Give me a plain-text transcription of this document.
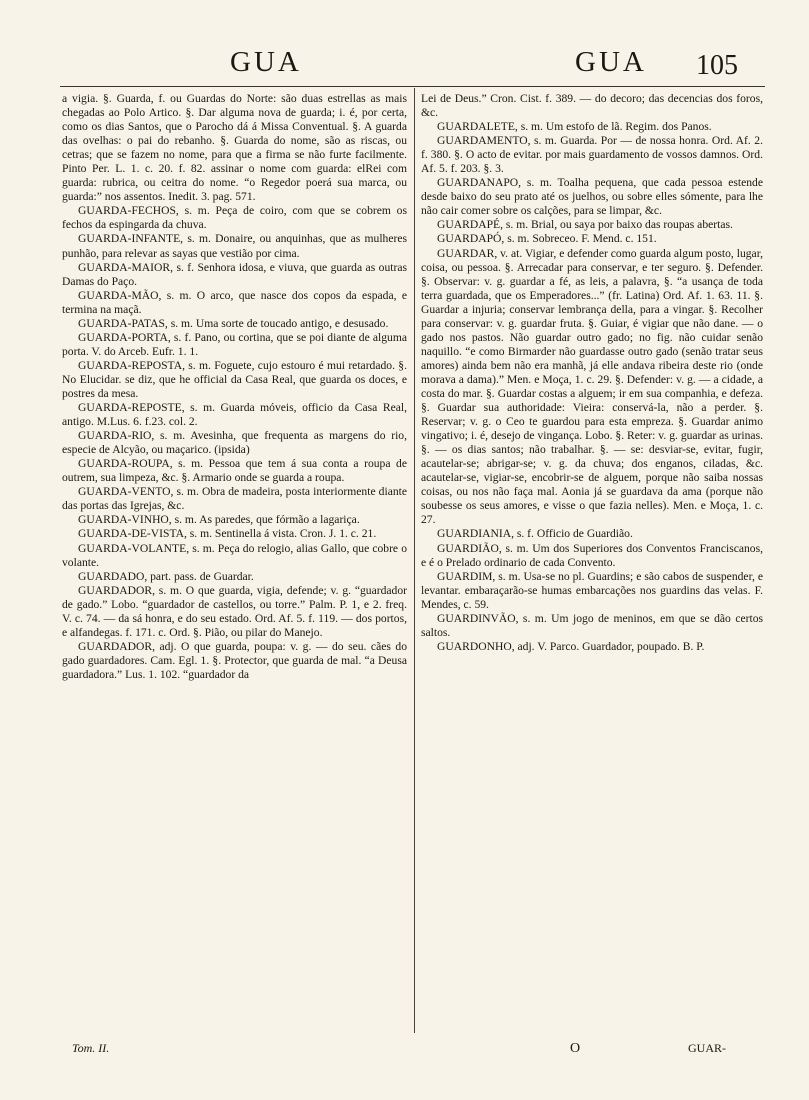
GUA	GUA 105

a vigia. §. Guarda, f. ou Guardas do Norte: são duas estrellas as mais chegadas ao Polo Artico. §. Dar alguma nova de guarda; i. é, por certa, como os dias Santos, que o Parocho dá á Missa Conventual. §. A guarda das ovelhas: o pai do rebanho. §. Guarda do nome, são as riscas, ou cetras; que se fazem no nome, para que a firma se não furte facilmente. Pinto Per. L. 1. c. 20. f. 82. assinar o nome com guarda: elRei com guarda: rubrica, ou ceitra do nome. “o Regedor poerá sua marca, ou guarda:” nos assentos. Inedit. 3. pag. 571.

GUARDA-FECHOS, s. m. Peça de coiro, com que se cobrem os fechos da espingarda da chuva.

GUARDA-INFANTE, s. m. Donaire, ou anquinhas, que as mulheres punhão, para relevar as sayas que vestião por cima.

GUARDA-MAIOR, s. f. Senhora idosa, e viuva, que guarda as outras Damas do Paço.

GUARDA-MÃO, s. m. O arco, que nasce dos copos da espada, e termina na maçã.

GUARDA-PATAS, s. m. Uma sorte de toucado antigo, e desusado.

GUARDA-PORTA, s. f. Pano, ou cortina, que se poi diante de alguma porta. V. do Arceb. Eufr. 1. 1.

GUARDA-REPOSTA, s. m. Foguete, cujo estouro é mui retardado. §. No Elucidar. se diz, que he official da Casa Real, que guarda os doces, e postres da mesa.

GUARDA-REPOSTE, s. m. Guarda móveis, officio da Casa Real, antigo. M.Lus. 6. f.23. col. 2.

GUARDA-RIO, s. m. Avesinha, que frequenta as margens do rio, especie de Alcyão, ou maçarico. (ipsida)

GUARDA-ROUPA, s. m. Pessoa que tem á sua conta a roupa de outrem, sua limpeza, &c. §. Armario onde se guarda a roupa.

GUARDA-VENTO, s. m. Obra de madeira, posta interiormente diante das portas das Igrejas, &c.

GUARDA-VINHO, s. m. As paredes, que fórmão a lagariça.

GUARDA-DE-VISTA, s. m. Sentinella á vista. Cron. J. 1. c. 21.

GUARDA-VOLANTE, s. m. Peça do relogio, alias Gallo, que cobre o volante.

GUARDADO, part. pass. de Guardar.

GUARDADOR, s. m. O que guarda, vigia, defende; v. g. “guardador de gado.” Lobo. “guardador de castellos, ou torre.” Palm. P. 1, e 2. freq. V. c. 74. — da sá honra, e do seu estado. Ord. Af. 5. f. 119. — dos portos, e alfandegas. f. 171. c. Ord. §. Pião, ou pilar do Manejo.

GUARDADOR, adj. O que guarda, poupa: v. g. — do seu. cães do gado guardadores. Cam. Egl. 1. §. Protector, que guarda de mal. “a Deusa guardadora.” Lus. 1. 102. “guardador da

Lei de Deus.” Cron. Cist. f. 389. — do decoro; das decencias dos foros, &c.

GUARDALETE, s. m. Um estofo de lã. Regim. dos Panos.

GUARDAMENTO, s. m. Guarda. Por — de nossa honra. Ord. Af. 2. f. 380. §. O acto de evitar. por mais guardamento de vossos damnos. Ord. Af. 5. f. 203. §. 3.

GUARDANAPO, s. m. Toalha pequena, que cada pessoa estende desde baixo do seu prato até os juelhos, ou sobre elles sómente, para lhe não cair comer sobre os calções, para se limpar, &c.

GUARDAPÉ, s. m. Brial, ou saya por baixo das roupas abertas.

GUARDAPÓ, s. m. Sobreceo. F. Mend. c. 151.

GUARDAR, v. at. Vigiar, e defender como guarda algum posto, lugar, coisa, ou pessoa. §. Arrecadar para conservar, e ter seguro. §. Defender. §. Observar: v. g. guardar a fé, as leis, a palavra, §. “a usança de toda terra guardada, que os Emperadores...” (fr. Latina) Ord. Af. 1. 63. 11. §. Guardar a injuria; conservar lembrança della, para a vingar. §. Recolher para conservar: v. g. guardar fruta. §. Guiar, é vigiar que não dane. — o gado nos pastos. Não guardar outro gado; no fig. não cuidar senão naquillo. “e como Birmarder não guardasse outro gado (senão tratar seus amores) ainda bem não era manhã, já elle andava ribeira deste rio (onde morava a dama).” Men. e Moça, 1. c. 29. §. Defender: v. g. — a cidade, a costa do mar. §. Guardar costas a alguem; ir em sua companhia, e defeza. §. Guardar sua authoridade: Vieira: conservá-la, não a perder. §. Reservar; v. g. o Ceo te guardou para esta empreza. §. Guardar animo vingativo; i. é, desejo de vingança. Lobo. §. Reter: v. g. guardar as urinas. §. — os dias santos; não trabalhar. §. — se: desviar-se, evitar, fugir, acautelar-se; abrigar-se; v. g. da chuva; dos enganos, ciladas, &c. acautelar-se, vigiar-se, encobrir-se de alguem, porque não saiba nossas coisas, ou nos não faça mal. Aonia já se guardava da ama (porque não soubesse os seus amores, e visse o que fazia nelles). Men. e Moça, 1. c. 27.

GUARDIANIA, s. f. Officio de Guardião.

GUARDIÃO, s. m. Um dos Superiores dos Conventos Franciscanos, e é o Prelado ordinario de cada Convento.

GUARDIM, s. m. Usa-se no pl. Guardins; e são cabos de suspender, e levantar. embaraçarão-se humas embarcações nos guardins das velas. F. Mendes, c. 59.

GUARDINVÃO, s. m. Um jogo de meninos, em que se dão certos saltos.

GUARDONHO, adj. V. Parco. Guardador, poupado. B. P.

Tom. II.	O	GUAR-
